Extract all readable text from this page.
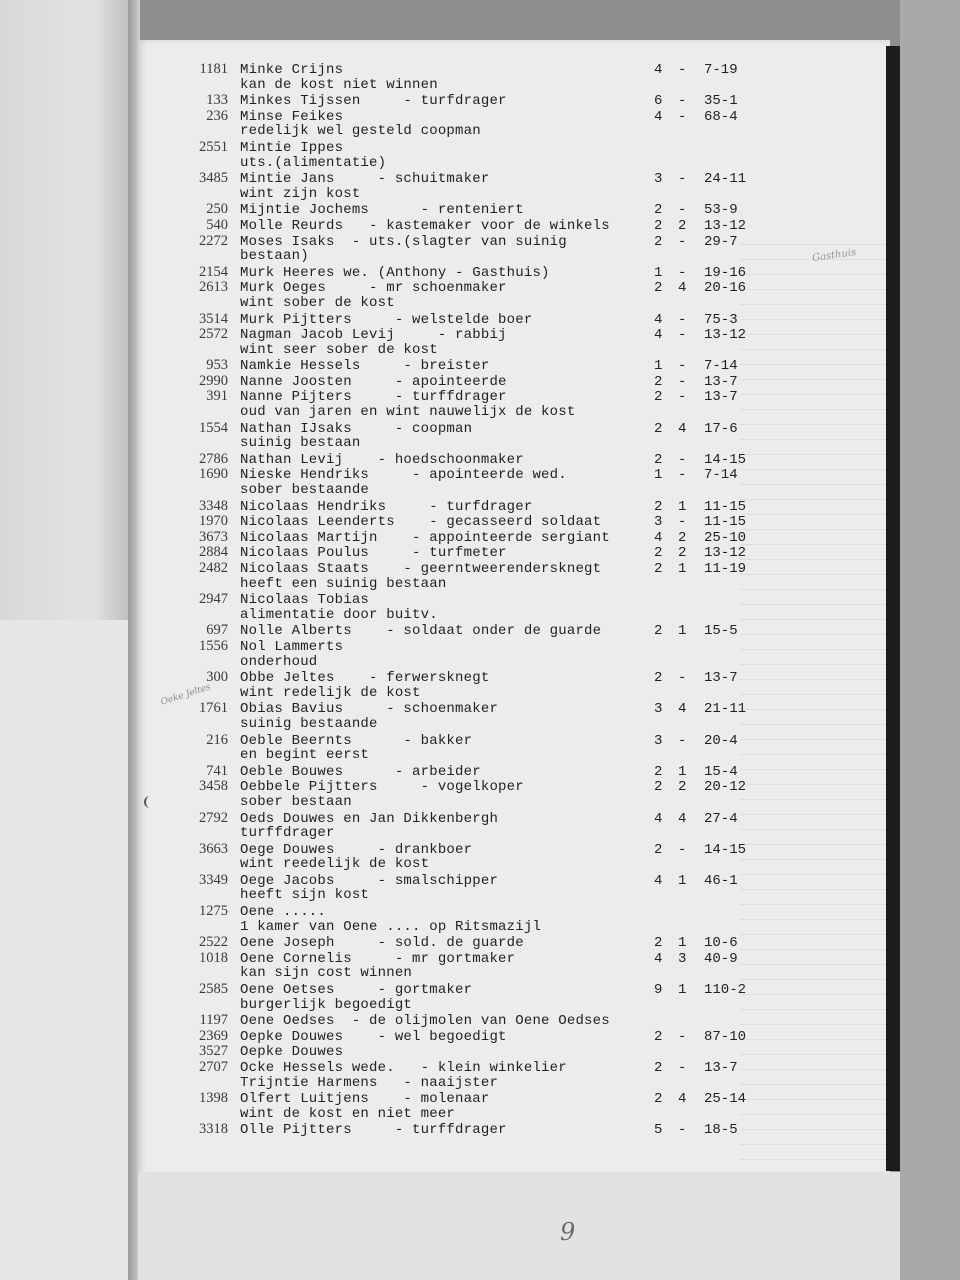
1181 Minke Crijns	4	-	7-19
kan de kost niet winnen
133 Minkes Tijssen     - turfdrager	6	-	35-1
236 Minse Feikes	4	-	68-4
redelijk wel gesteld coopman
2551 Mintie Ippes
uts.(alimentatie)
3485 Mintie Jans     - schuitmaker	3	-	24-11
wint zijn kost
250 Mijntie Jochems      - renteniert	2	-	53-9
540 Molle Reurds   - kastemaker voor de winkels	2	2	13-12
2272 Moses Isaks  - uts.(slagter van suinig	2	-	29-7
bestaan)
2154 Murk Heeres we. (Anthony - Gasthuis)	1	-	19-16
2613 Murk Oeges     - mr schoenmaker	2	4	20-16
wint sober de kost
3514 Murk Pijtters     - welstelde boer	4	-	75-3
2572 Nagman Jacob Levij     - rabbij	4	-	13-12
wint seer sober de kost
953 Namkie Hessels     - breister	1	-	7-14
2990 Nanne Joosten     - apointeerde	2	-	13-7
391 Nanne Pijters     - turffdrager	2	-	13-7
oud van jaren en wint nauwelijx de kost
1554 Nathan IJsaks     - coopman	2	4	17-6
suinig bestaan
2786 Nathan Levij    - hoedschoonmaker	2	-	14-15
1690 Nieske Hendriks     - apointeerde wed.	1	-	7-14
sober bestaande
3348 Nicolaas Hendriks     - turfdrager	2	1	11-15
1970 Nicolaas Leenderts    - gecasseerd soldaat	3	-	11-15
3673 Nicolaas Martijn    - appointeerde sergiant	4	2	25-10
2884 Nicolaas Poulus     - turfmeter	2	2	13-12
2482 Nicolaas Staats    - geerntweerendersknegt	2	1	11-19
heeft een suinig bestaan
2947 Nicolaas Tobias
alimentatie door buitv.
697 Nolle Alberts    - soldaat onder de guarde	2	1	15-5
1556 Nol Lammerts
onderhoud
300 Obbe Jeltes    - ferwersknegt	2	-	13-7
wint redelijk de kost
1761 Obias Bavius     - schoenmaker	3	4	21-11
suinig bestaande
216 Oeble Beernts      - bakker	3	-	20-4
en begint eerst
741 Oeble Bouwes      - arbeider	2	1	15-4
3458 Oebbele Pijtters     - vogelkoper	2	2	20-12
sober bestaan
2792 Oeds Douwes en Jan Dikkenbergh	4	4	27-4
turffdrager
3663 Oege Douwes     - drankboer	2	-	14-15
wint reedelijk de kost
3349 Oege Jacobs     - smalschipper	4	1	46-1
heeft sijn kost
1275 Oene .....
1 kamer van Oene .... op Ritsmazijl
2522 Oene Joseph     - sold. de guarde	2	1	10-6
1018 Oene Cornelis     - mr gortmaker	4	3	40-9
kan sijn cost winnen
2585 Oene Oetses     - gortmaker	9	1	110-2
burgerlijk begoedigt
1197 Oene Oedses  - de olijmolen van Oene Oedses
2369 Oepke Douwes    - wel begoedigt	2	-	87-10
3527 Oepke Douwes
2707 Ocke Hessels wede.   - klein winkelier	2	-	13-7
Trijntie Harmens   - naaijster
1398 Olfert Luitjens    - molenaar	2	4	25-14
wint de kost en niet meer
3318 Olle Pijtters     - turffdrager	5	-	18-5
Gasthuis
Oeke Jeltes
9
